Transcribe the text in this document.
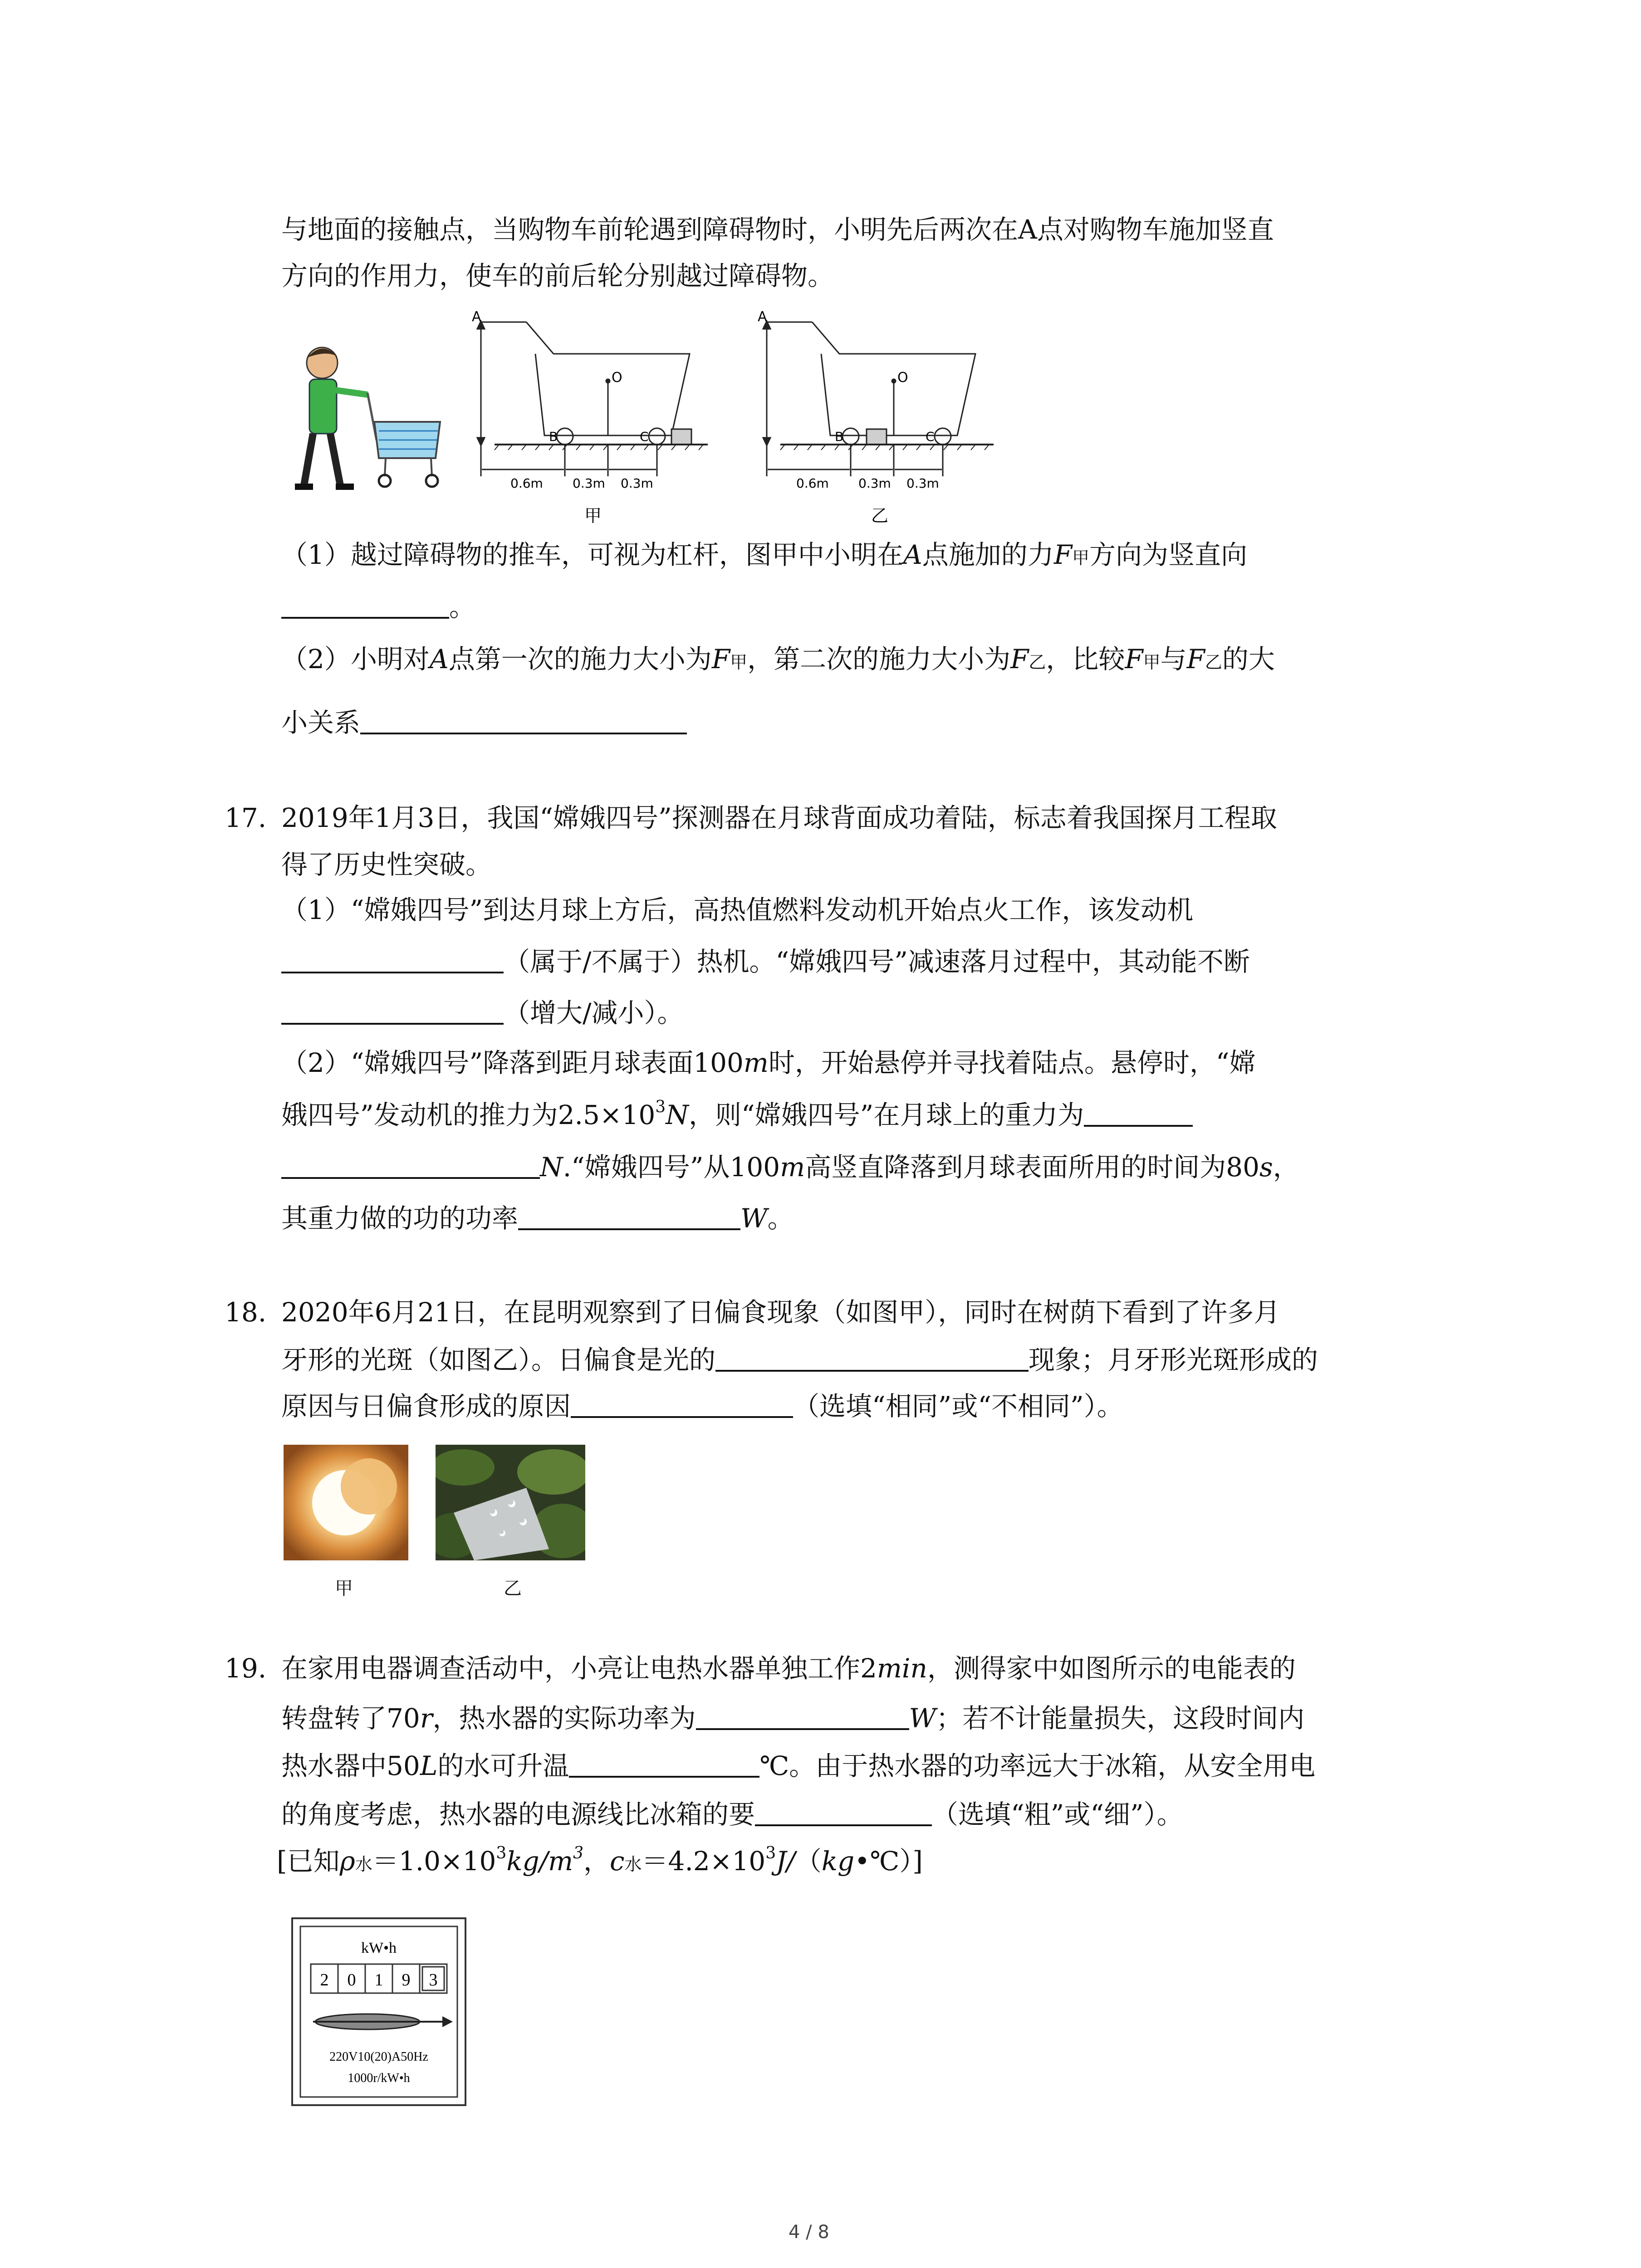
与地面的接触点，当购物车前轮遇到障碍物时，小明先后两次在A点对购物车施加竖直
方向的作用力，使车的前后轮分别越过障碍物。
A
O
B	C
0.6m 0.3m 0.3m
甲
A
O
B	C
0.6m 0.3m 0.3m
乙
（1）越过障碍物的推车，可视为杠杆，图甲中小明在A点施加的力F甲方向为竖直向
。
（2）小明对A点第一次的施力大小为F甲，第二次的施力大小为F乙，比较F甲与F乙的大
小关系
17. 2019年1月3日，我国“嫦娥四号”探测器在月球背面成功着陆，标志着我国探月工程取
得了历史性突破。
（1）“嫦娥四号”到达月球上方后，高热值燃料发动机开始点火工作，该发动机
（属于/不属于）热机。“嫦娥四号”减速落月过程中，其动能不断
（增大/减小）。
（2）“嫦娥四号”降落到距月球表面100m时，开始悬停并寻找着陆点。悬停时，“嫦
娥四号”发动机的推力为$2.5\times 10^3N$，则“嫦娥四号”在月球上的重力为
N.“嫦娥四号”从100m高竖直降落到月球表面所用的时间为80s，
其重力做的功的功率	W。
18. 2020年6月21日，在昆明观察到了日偏食现象（如图甲），同时在树荫下看到了许多月
牙形的光斑（如图乙）。日偏食是光的	现象；月牙形光斑形成的
原因与日偏食形成的原因	（选填“相同”或“不相同”）。
甲	乙
19. 在家用电器调查活动中，小亮让电热水器单独工作2min，测得家中如图所示的电能表的
转盘转了70r，热水器的实际功率为	W；若不计能量损失，这段时间内
热水器中50L的水可升温	℃。由于热水器的功率远大于冰箱，从安全用电
的角度考虑，热水器的电源线比冰箱的要	（选填“粗”或“细”）。
[已知ρ水$=1.0\times 10^3kg/m^3$，c水$=4.2\times 10^3J/(kg•℃)$]
kW•h
2 0 1 9 3
220V10(20)A50Hz
1000r/kW•h
4 / 8
